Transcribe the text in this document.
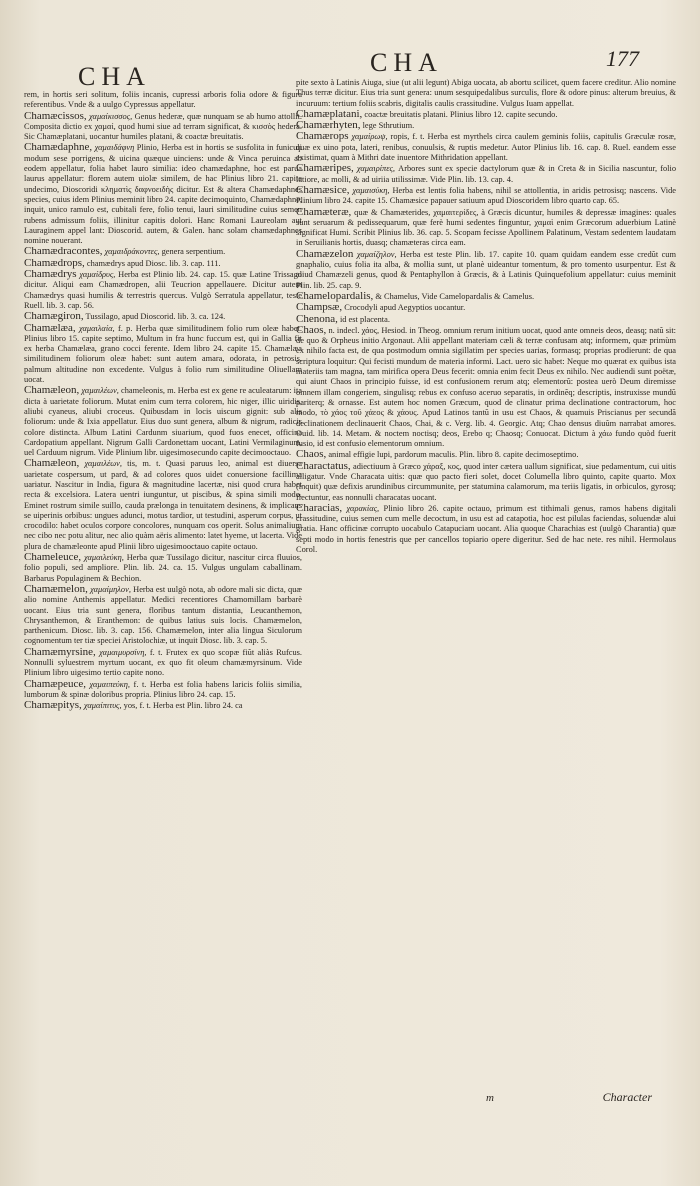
CHA	CHA	177

rem, in hortis seri solitum, foliis incanis, cupressi arboris folia odore & figura referentibus. Vnde & a uulgo Cypressus appellatur.

Chamæcissos, χαμαίκισσος, Genus hederæ, quæ nunquam se ab humo attollit. Composita dictio ex χαμαί, quod humi siue ad terram significat, & κισσὸς hedera. Sic Chamæplatani, uocantur humiles platani, & coactæ breuitatis.

Chamædaphne, χαμαιδάφνη Plinio, Herba est in hortis se susfolita in funiculi modum sese porrigens, & uicina quæque uinciens: unde & Vinca peruinca ab eodem appellatur, folia habet lauro similia: ideo chamædaphne, hoc est parua laurus appellatur: florem autem uiolæ similem, de hac Plinius libro 21. capite undecimo, Dioscoridi κληματὶς δαφνοειδὴς dicitur. Est & altera Chamædaphnes species, cuius idem Plinius meminit libro 24. capite decimoquinto, Chamædaphne, inquit, unico ramulo est, cubitali fere, folio tenui, lauri similitudine cuius semen rubens admissum foliis, illinitur capitis dolori. Hanc Romani Laureolam aut Lauraginem appel lant: Dioscorid. autem, & Galen. hanc solam chamædaphnes nomine nouerant.

Chamædracontes, χαμαιδράκοντες, genera serpentium.

Chamædrops, chamædrys apud Diosc. lib. 3. cap. 111.

Chamædrys χαμαίδρυς, Herba est Plinio lib. 24. cap. 15. quæ Latine Trissago dicitur. Aliqui eam Chamædropen, alii Teucrion appellauere. Dicitur autem Chamædrys quasi humilis & terrestris quercus. Vulgò Serratula appellatur, teste Ruell. lib. 3. cap. 56.

Chamægiron, Tussilago, apud Dioscorid. lib. 3. ca. 124.

Chamælæa, χαμαιλαία, f. p. Herba quæ similitudinem folio rum oleæ habet. Plinius libro 15. capite septimo, Multum in fra hunc fuccum est, qui in Gallia fit ex herba Chamælæa, grano cocci ferente. Idem libro 24. capite 15. Chamælæa similitudinem foliorum oleæ habet: sunt autem amara, odorata, in petrosis, palmum altitudine non excedente. Vulgus à folio rum similitudine Oliuellam uocat.

Chamæleon, χαμαιλέων, chameleonis, m. Herba est ex gene re aculeatarum: ita dicta à uarietate foliorum. Mutat enim cum terra colorem, hic niger, illic uiridis, aliubi cyaneus, aliubi croceus. Quibusdam in locis uiscum gignit: sub alis foliorum: unde & Ixia appellatur. Eius duo sunt genera, album & nigrum, radicis colore distincta. Album Latini Cardunm siuarium, quod fuos enecet, officina Cardopatium appellant. Nigrum Galli Cardonettam uocant, Latini Vermilaginum, uel Carduum nigrum. Vide Plinium libr. uigesimosecundo capite decimooctauo.

Chamæleon, χαμαιλέων, tis, m. t. Quasi paruus leo, animal est diuersa uarietate cospersum, ut pard, & ad colores quos uidet conuersione facillima uariatur. Nascitur in India, figura & magnitudine lacertæ, nisi quod crura habet recta & excelsiora. Latera uentri iunguntur, ut piscibus, & spina simili modo. Eminet rostrum simile suillo, cauda prælonga in tenuitatem desinens, & implicans se uiperinis orbibus: ungues adunci, motus tardior, ut testudini, asperum corpus, ut crocodilo: habet oculos corpore concolores, nunquam cos operit. Solus animalium nec cibo nec potu alitur, nec alio quàm aëris alimento: latet hyeme, ut lacerta. Vide plura de chamæleonte apud Plinii libro uigesimooctauo capite octauo.

Chameleuce, χαμαιλεύκη, Herba quæ Tussilago dicitur, nascitur circa fluuios, folio populi, sed ampliore. Plin. lib. 24. ca. 15. Vulgus ungulam caballinam. Barbarus Populaginem & Bechion.

Chamæmelon, χαμαίμηλον, Herba est uulgò nota, ab odore mali sic dicta, quæ alio nomine Anthemis appellatur. Medici recentiores Chamomillam barbarè uocant. Eius tria sunt genera, floribus tantum distantia, Leucanthemon, Chrysanthemon, & Eranthemon: de quibus latius suis locis. Chamæmelon, parthenicum. Diosc. lib. 3. cap. 156. Chamæmelon, inter alia lingua Siculorum cognomentum ter tiæ speciei Aristolochiæ, ut inquit Diosc. lib. 3. cap. 5.

Chamæmyrsine, χαμαιμυρσίνη, f. t. Frutex ex quo scopæ fiũt aliàs Rufcus. Nonnulli syluestrem myrtum uocant, ex quo fit oleum chamæmyrsinum. Vide Plinium libro uigesimo tertio capite nono.

Chamæpeuce, χαμαιπεύκη, f. t. Herba est folia habens laricis foliis similia, lumborum & spinæ doloribus propria. Plinius libro 24. cap. 15.

Chamæpitys, χαμαίπιτυς, yos, f. t. Herba est Plin. libro 24. ca

pite sexto à Latinis Aiuga, siue (ut alii legunt) Abiga uocata, ab abortu scilicet, quem facere creditur. Alio nomine Thus terræ dicitur. Eius tria sunt genera: unum sesquipedalibus surculis, flore & odore pinus: alterum breuius, & incuruum: tertium foliis scabris, digitalis caulis crassitudine. Vulgus Iuam appellat.

Chamæplatani, coactæ breuitatis platani. Plinius libro 12. capite secundo.

Chamærhyten, lege Sthrutium.

Chamærops χαμαίρωψ, ropis, f. t. Herba est myrthels circa caulem geminis foliis, capitulis Græculæ rosæ, quæ ex uino pota, lateri, renibus, conuulsis, & ruptis medetur. Autor Plinius lib. 16. cap. 8. Ruel. eandem esse existimat, quam à Mithri date inuentore Mithridation appellant.

Chamæripes, χαμαιρίπες, Arbores sunt ex specie dactylorum quæ & in Creta & in Sicilia nascuntur, folio latiore, ac molli, & ad uiriia utilissimæ. Vide Plin. lib. 13. cap. 4.

Chamæsice, χαμαισύκη, Herba est lentis folia habens, nihil se attollentia, in aridis petrosisq; nascens. Vide Plinium libro 24. capite 15. Chamæsice papauer satiuum apud Dioscoridem libro quarto cap. 65.

Chamæteræ, quæ & Chamæterides, χαμαιτερίδες, à Græcis dicuntur, humiles & depressæ imagines: quales sunt seruarum & pedissequarum, quæ ferè humi sedentes finguntur, χαμαὶ enim Græcorum aduerbium Latinè significat Humi. Scribit Plinius lib. 36. cap. 5. Scopam fecisse Apollinem Palatinum, Vestam sedentem laudatam in Seruilianis hortis, duasq; chamæteras circa eam.

Chamæzelon χαμαίζηλον, Herba est teste Plin. lib. 17. capite 10. quam quidam eandem esse credũt cum gnaphalio, cuius folia ita alba, & mollia sunt, ut planè uideantur tomentum, & pro tomento usurpentur. Est & aliud Chamæzeli genus, quod & Pentaphyllon à Græcis, & à Latinis Quinquefolium appellatur: cuius meminit Plin. lib. 25. cap. 9.

Chamelopardalis, & Chamelus, Vide Camelopardalis & Camelus.

Champsæ, Crocodyli apud Aegyptios uocantur.

Chenona, id est placenta.

Chaos, n. indecl. χάος, Hesiod. in Theog. omnium rerum initium uocat, quod ante omneis deos, deasq; natũ sit: de quo & Orpheus initio Argonaut. Alii appellant materiam cæli & terræ confusam atq; informem, quæ primùm ex nihilo facta est, de qua postmodum omnia sigillatim per species uarias, formasq; proprias prodierunt: de qua scriptura loquitur: Qui fecisti mundum de materia informi. Lact. uero sic habet: Neque mo quærat ex quibus ista materiis tam magna, tam mirifica opera Deus fecerit: omnia enim fecit Deus ex nihilo. Nec audiendi sunt poëtæ, qui aiunt Chaos in principio fuisse, id est confusionem rerum atq; elementorũ: postea uerò Deum diremisse omnem illam congeriem, singulisq; rebus ex confuso aceruo separatis, in ordinẽq; descriptis, instruxisse mundũ pariterq; & ornasse. Est autem hoc nomen Græcum, quod de clinatur prima declinatione contractorum, hoc modo, τὸ χάος τοῦ χάεος & χάους. Apud Latinos tantũ in usu est Chaos, & quamuis Priscianus per secundã declinationem declinauerit Chaos, Chai, & c. Verg. lib. 4. Georgic. Atq; Chao densus diuũm narrabat amores. Ouid. lib. 14. Metam. & noctem noctisq; deos, Erebo q; Chaosq; Conuocat. Dictum à χάω fundo quòd fuerit fusio, id est confusio elementorum omnium.

Chaos, animal effigie lupi, pardorum maculis. Plin. libro 8. capite decimoseptimo.

Charactatus, adiectiuum à Græco χάραξ, κος, quod inter cætera uallum significat, siue pedamentum, cui uitis alligatur. Vnde Characata uitis: quæ quo pacto fieri solet, docet Columella libro quinto, capite quarto. Mox (inquit) quæ defixis arundinibus circummunite, per statumina calamorum, ma teriis ligatis, in orbiculos, gyrosq; flectuntur, eas nonnulli characatas uocant.

Characias, χαρακίας, Plinio libro 26. capite octauo, primum est tithimali genus, ramos habens digitali crassitudine, cuius semen cum melle decoctum, in usu est ad catapotia, hoc est pilulas faciendas, soluendæ alui gratia. Hanc officinæ corrupto uocabulo Catapuciam uocant. Alia quoque Charachias est (uulgò Charantia) quæ septi modo in hortis fenestris que per cancellos topiario opere digeritur. Sed de hac nete. res nihil. Hermolaus Corol.

m	Character
